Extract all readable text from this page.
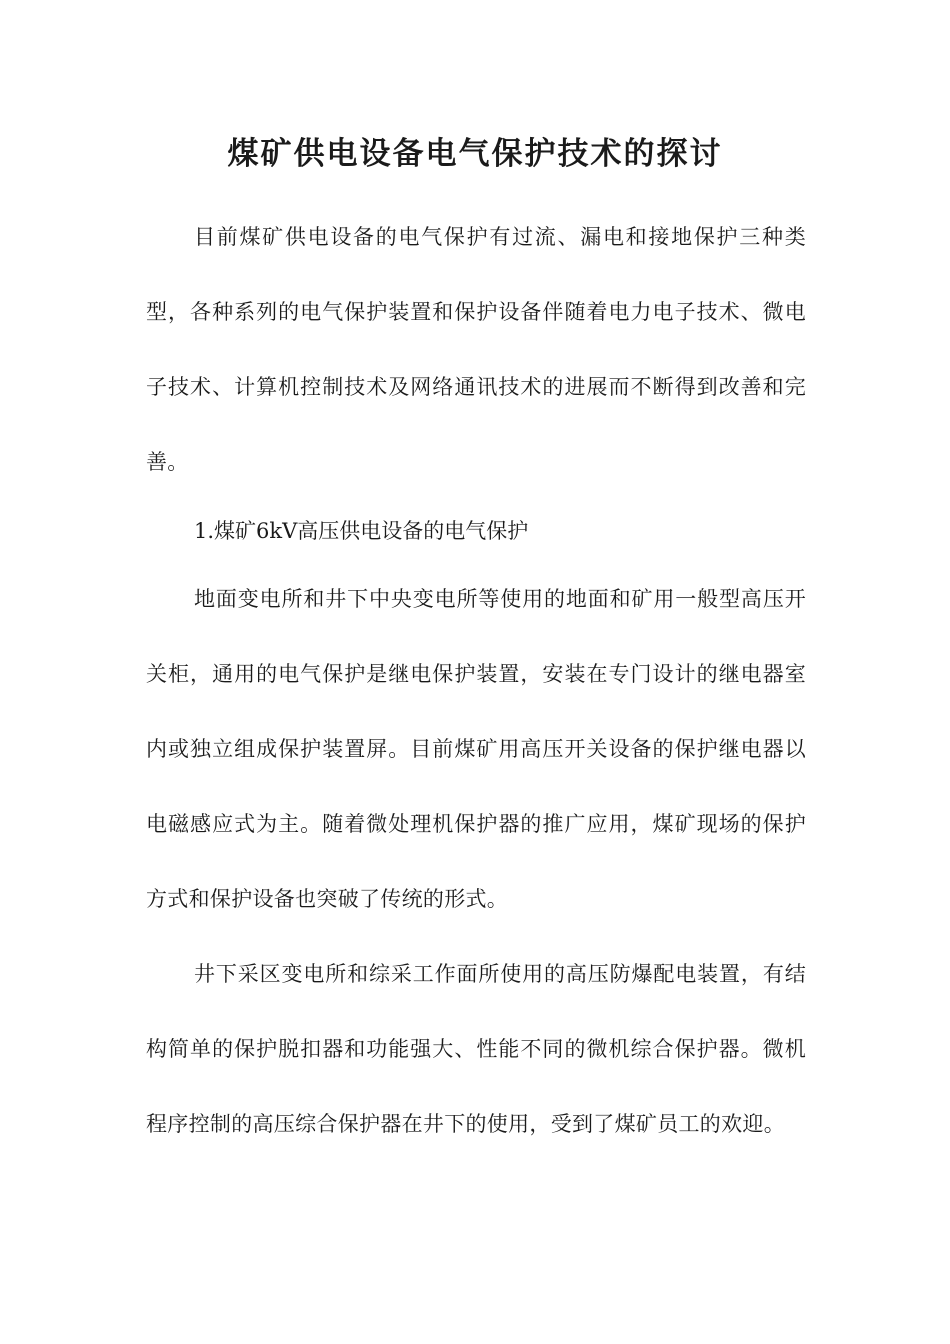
煤矿供电设备电气保护技术的探讨

目前煤矿供电设备的电气保护有过流、漏电和接地保护三种类型，各种系列的电气保护装置和保护设备伴随着电力电子技术、微电子技术、计算机控制技术及网络通讯技术的进展而不断得到改善和完善。

1.煤矿6kV高压供电设备的电气保护

地面变电所和井下中央变电所等使用的地面和矿用一般型高压开关柜，通用的电气保护是继电保护装置，安装在专门设计的继电器室内或独立组成保护装置屏。目前煤矿用高压开关设备的保护继电器以电磁感应式为主。随着微处理机保护器的推广应用，煤矿现场的保护方式和保护设备也突破了传统的形式。

井下采区变电所和综采工作面所使用的高压防爆配电装置，有结构简单的保护脱扣器和功能强大、性能不同的微机综合保护器。微机程序控制的高压综合保护器在井下的使用，受到了煤矿员工的欢迎。
